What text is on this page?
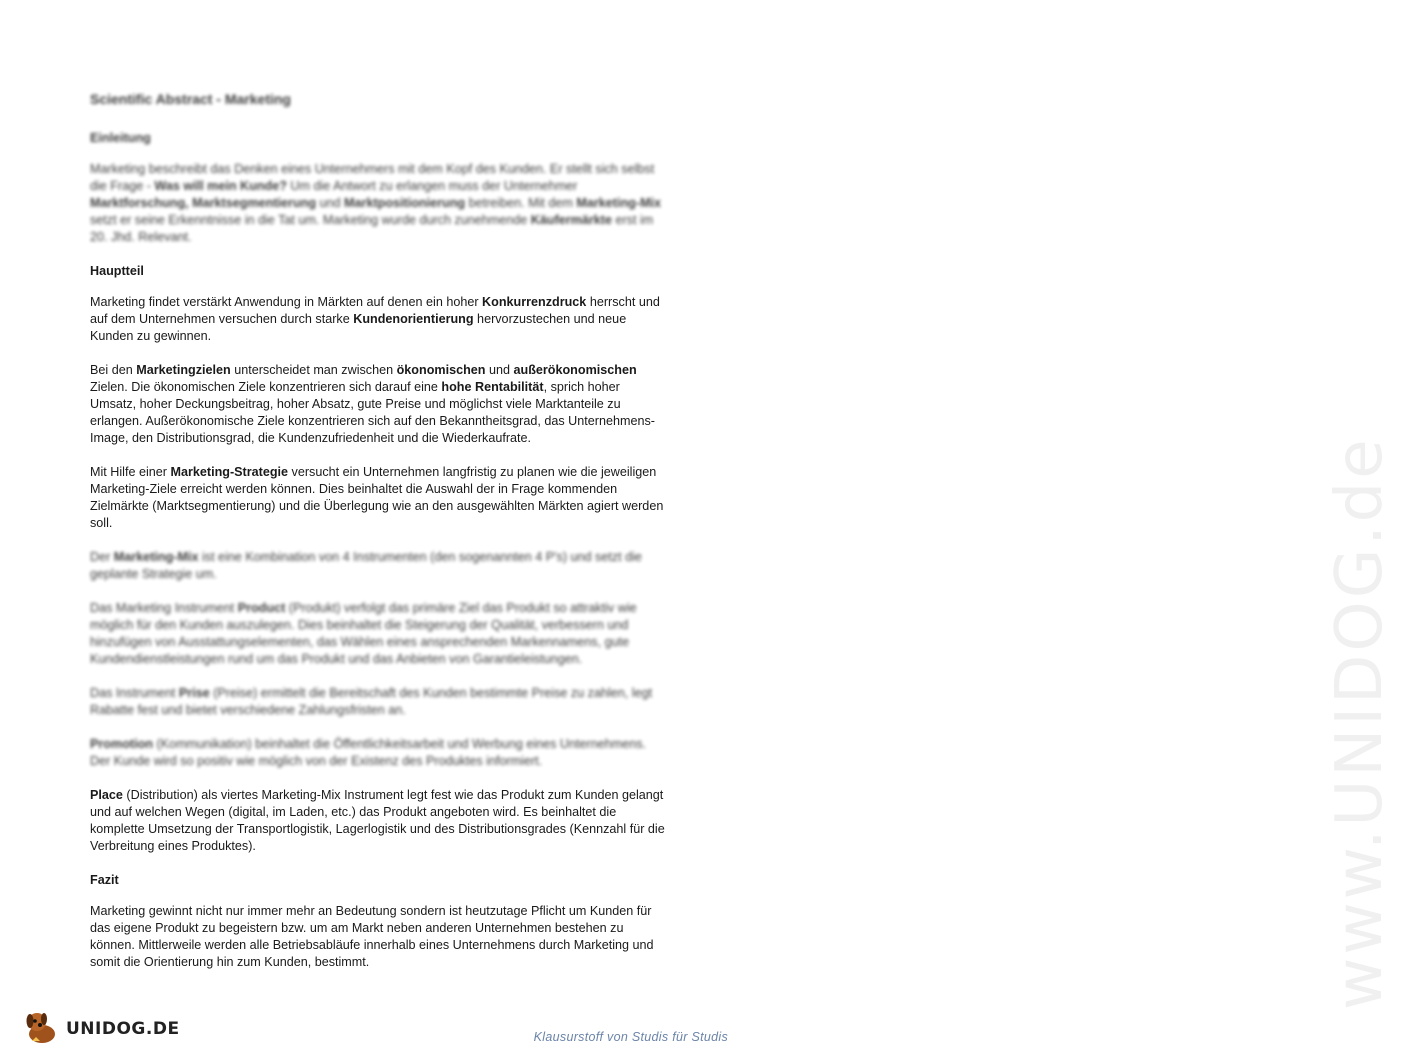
www.UNIDOG.de
Scientific Abstract - Marketing
Einleitung

Marketing beschreibt das Denken eines Unternehmers mit dem Kopf des Kunden. Er stellt sich selbst die Frage - Was will mein Kunde? Um die Antwort zu erlangen muss der Unternehmer Marktforschung, Marktsegmentierung und Marktpositionierung betreiben. Mit dem Marketing-Mix setzt er seine Erkenntnisse in die Tat um. Marketing wurde durch zunehmende Käufermärkte erst im 20. Jhd. Relevant.

Hauptteil

Marketing findet verstärkt Anwendung in Märkten auf denen ein hoher Konkurrenzdruck herrscht und auf dem Unternehmen versuchen durch starke Kundenorientierung hervorzustechen und neue Kunden zu gewinnen.

Bei den Marketingzielen unterscheidet man zwischen ökonomischen und außerökonomischen Zielen. Die ökonomischen Ziele konzentrieren sich darauf eine hohe Rentabilität, sprich hoher Umsatz, hoher Deckungsbeitrag, hoher Absatz, gute Preise und möglichst viele Marktanteile zu erlangen. Außerökonomische Ziele konzentrieren sich auf den Bekanntheitsgrad, das Unternehmens-Image, den Distributionsgrad, die Kundenzufriedenheit und die Wiederkaufrate.

Mit Hilfe einer Marketing-Strategie versucht ein Unternehmen langfristig zu planen wie die jeweiligen Marketing-Ziele erreicht werden können. Dies beinhaltet die Auswahl der in Frage kommenden Zielmärkte (Marktsegmentierung) und die Überlegung wie an den ausgewählten Märkten agiert werden soll.

Der Marketing-Mix ist eine Kombination von 4 Instrumenten (den sogenannten 4 P's) und setzt die geplante Strategie um.

Das Marketing Instrument Product (Produkt) verfolgt das primäre Ziel das Produkt so attraktiv wie möglich für den Kunden auszulegen. Dies beinhaltet die Steigerung der Qualität, verbessern und hinzufügen von Ausstattungselementen, das Wählen eines ansprechenden Markennamens, gute Kundendienstleistungen rund um das Produkt und das Anbieten von Garantieleistungen.

Das Instrument Prise (Preise) ermittelt die Bereitschaft des Kunden bestimmte Preise zu zahlen, legt Rabatte fest und bietet verschiedene Zahlungsfristen an.

Promotion (Kommunikation) beinhaltet die Öffentlichkeitsarbeit und Werbung eines Unternehmens. Der Kunde wird so positiv wie möglich von der Existenz des Produktes informiert.

Place (Distribution) als viertes Marketing-Mix Instrument legt fest wie das Produkt zum Kunden gelangt und auf welchen Wegen (digital, im Laden, etc.) das Produkt angeboten wird. Es beinhaltet die komplette Umsetzung der Transportlogistik, Lagerlogistik und des Distributionsgrades (Kennzahl für die Verbreitung eines Produktes).

Fazit

Marketing gewinnt nicht nur immer mehr an Bedeutung sondern ist heutzutage Pflicht um Kunden für das eigene Produkt zu begeistern bzw. um am Markt neben anderen Unternehmen bestehen zu können. Mittlerweile werden alle Betriebsabläufe innerhalb eines Unternehmens durch Marketing und somit die Orientierung hin zum Kunden, bestimmt.

UNIDOG.DE	Klausurstoff von Studis für Studis
